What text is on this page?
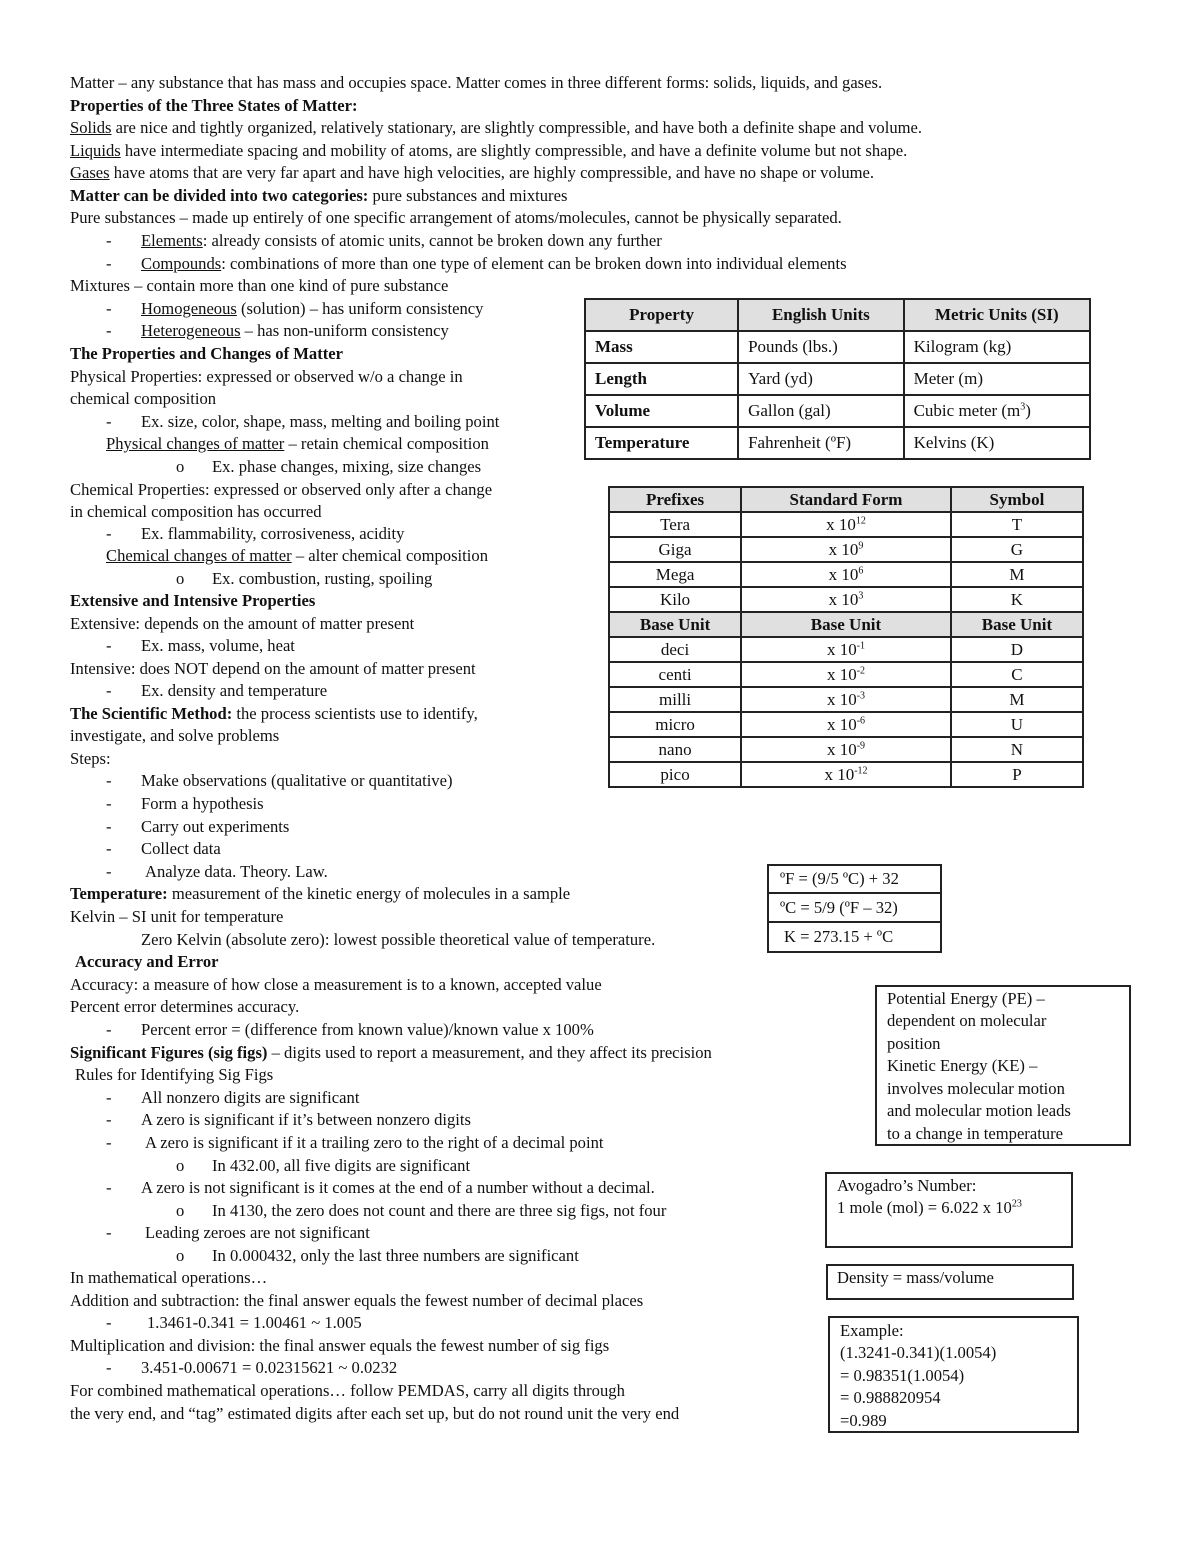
Matter – any substance that has mass and occupies space. Matter comes in three different forms: solids, liquids, and gases.
Properties of the Three States of Matter:
Solids are nice and tightly organized, relatively stationary, are slightly compressible, and have both a definite shape and volume.
Liquids have intermediate spacing and mobility of atoms, are slightly compressible, and have a definite volume but not shape.
Gases have atoms that are very far apart and have high velocities, are highly compressible, and have no shape or volume.
Matter can be divided into two categories: pure substances and mixtures
Pure substances – made up entirely of one specific arrangement of atoms/molecules, cannot be physically separated.
- Elements: already consists of atomic units, cannot be broken down any further
- Compounds: combinations of more than one type of element can be broken down into individual elements
Mixtures – contain more than one kind of pure substance
- Homogeneous (solution) – has uniform consistency
- Heterogeneous – has non-uniform consistency
The Properties and Changes of Matter
Physical Properties: expressed or observed w/o a change in
chemical composition
- Ex. size, color, shape, mass, melting and boiling point
Physical changes of matter – retain chemical composition
o Ex. phase changes, mixing, size changes
Chemical Properties: expressed or observed only after a change
in chemical composition has occurred
- Ex. flammability, corrosiveness, acidity
Chemical changes of matter – alter chemical composition
o Ex. combustion, rusting, spoiling
Extensive and Intensive Properties
Extensive: depends on the amount of matter present
- Ex. mass, volume, heat
Intensive: does NOT depend on the amount of matter present
- Ex. density and temperature
The Scientific Method: the process scientists use to identify,
investigate, and solve problems
Steps:
- Make observations (qualitative or quantitative)
- Form a hypothesis
- Carry out experiments
- Collect data
- Analyze data. Theory. Law.
Temperature: measurement of the kinetic energy of molecules in a sample
Kelvin – SI unit for temperature
Zero Kelvin (absolute zero): lowest possible theoretical value of temperature.
Accuracy and Error
Accuracy: a measure of how close a measurement is to a known, accepted value
Percent error determines accuracy.
- Percent error = (difference from known value)/known value x 100%
Significant Figures (sig figs) – digits used to report a measurement, and they affect its precision
Rules for Identifying Sig Figs
- All nonzero digits are significant
- A zero is significant if it’s between nonzero digits
- A zero is significant if it a trailing zero to the right of a decimal point
o In 432.00, all five digits are significant
- A zero is not significant is it comes at the end of a number without a decimal.
o In 4130, the zero does not count and there are three sig figs, not four
- Leading zeroes are not significant
o In 0.000432, only the last three numbers are significant
In mathematical operations…
Addition and subtraction: the final answer equals the fewest number of decimal places
- 1.3461-0.341 = 1.00461 ~ 1.005
Multiplication and division: the final answer equals the fewest number of sig figs
- 3.451-0.00671 = 0.02315621 ~ 0.0232
For combined mathematical operations… follow PEMDAS, carry all digits through
the very end, and “tag” estimated digits after each set up, but do not round unit the very end
Property	English Units	Metric Units (SI)
Mass	Pounds (lbs.)	Kilogram (kg)
Length	Yard (yd)	Meter (m)
Volume	Gallon (gal)	Cubic meter $(m^3)$
Temperature	Fahrenheit (ºF)	Kelvins (K)
Prefixes	Standard Form	Symbol
Tera	x $10^{12}$	T
Giga	x $10^9$	G
Mega	x $10^6$	M
Kilo	x $10^3$	K
Base Unit	Base Unit	Base Unit
deci	x $10^{-1}$	D
centi	x $10^{-2}$	C
milli	x $10^{-3}$	M
micro	x $10^{-6}$	U
nano	x $10^{-9}$	N
pico	x $10^{-12}$	P
ºF = (9/5 ºC) + 32
ºC = 5/9 (ºF – 32)
K = 273.15 + ºC
Potential Energy (PE) –
dependent on molecular
position
Kinetic Energy (KE) –
involves molecular motion
and molecular motion leads
to a change in temperature
Avogadro’s Number:
1 mole (mol) = 6.022 x $10^{23}$
Density = mass/volume
Example:
(1.3241-0.341)(1.0054)
= 0.98351(1.0054)
= 0.988820954
=0.989
